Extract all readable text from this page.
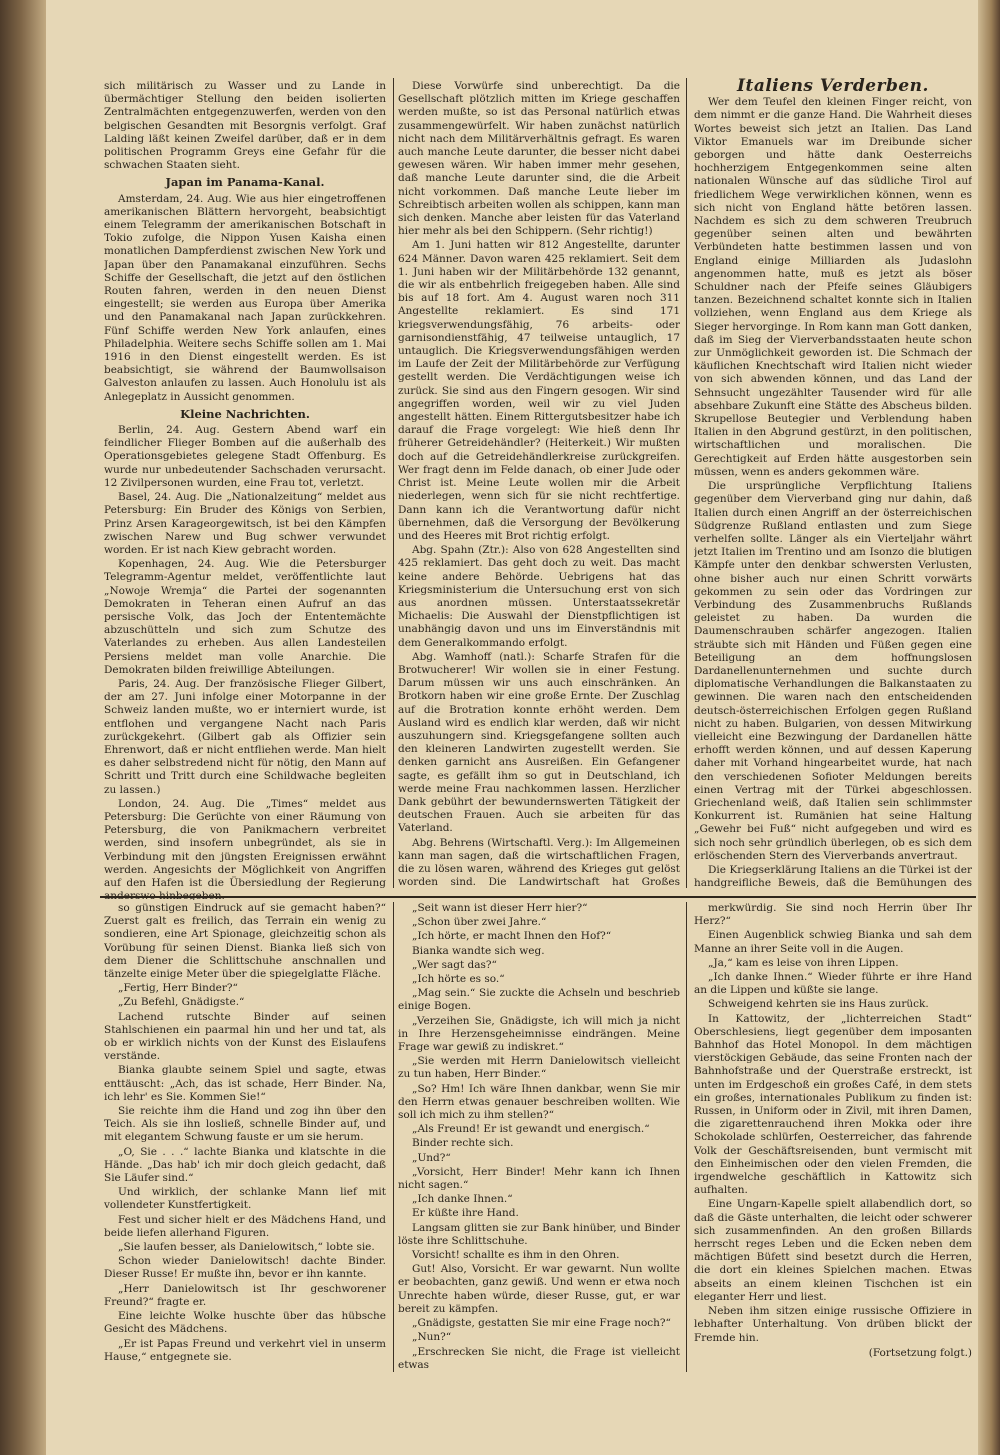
sich militärisch zu Wasser und zu Lande in übermächtiger Stellung den beiden isolierten Zentralmächten entgegenzuwerfen, werden von den belgischen Gesandten mit Besorgnis verfolgt. Graf Lalding läßt keinen Zweifel darüber, daß er in dem politischen Programm Greys eine Gefahr für die schwachen Staaten sieht.

Japan im Panama-Kanal.

Amsterdam, 24. Aug. Wie aus hier eingetroffenen amerikanischen Blättern hervorgeht, beabsichtigt einem Telegramm der amerikanischen Botschaft in Tokio zufolge, die Nippon Yusen Kaisha einen monatlichen Dampferdienst zwischen New York und Japan über den Panamakanal einzuführen. Sechs Schiffe der Gesellschaft, die jetzt auf den östlichen Routen fahren, werden in den neuen Dienst eingestellt; sie werden aus Europa über Amerika und den Panamakanal nach Japan zurückkehren. Fünf Schiffe werden New York anlaufen, eines Philadelphia. Weitere sechs Schiffe sollen am 1. Mai 1916 in den Dienst eingestellt werden. Es ist beabsichtigt, sie während der Baumwollsaison Galveston anlaufen zu lassen. Auch Honolulu ist als Anlegeplatz in Aussicht genommen.

Kleine Nachrichten.

Berlin, 24. Aug. Gestern Abend warf ein feindlicher Flieger Bomben auf die außerhalb des Operationsgebietes gelegene Stadt Offenburg. Es wurde nur unbedeutender Sachschaden verursacht. 12 Zivilpersonen wurden, eine Frau tot, verletzt.

Basel, 24. Aug. Die „Nationalzeitung“ meldet aus Petersburg: Ein Bruder des Königs von Serbien, Prinz Arsen Karageorgewitsch, ist bei den Kämpfen zwischen Narew und Bug schwer verwundet worden. Er ist nach Kiew gebracht worden.

Kopenhagen, 24. Aug. Wie die Petersburger Telegramm-Agentur meldet, veröffentlichte laut „Nowoje Wremja“ die Partei der sogenannten Demokraten in Teheran einen Aufruf an das persische Volk, das Joch der Ententemächte abzuschütteln und sich zum Schutze des Vaterlandes zu erheben. Aus allen Landesteilen Persiens meldet man volle Anarchie. Die Demokraten bilden freiwillige Abteilungen.

Paris, 24. Aug. Der französische Flieger Gilbert, der am 27. Juni infolge einer Motorpanne in der Schweiz landen mußte, wo er interniert wurde, ist entflohen und vergangene Nacht nach Paris zurückgekehrt. (Gilbert gab als Offizier sein Ehrenwort, daß er nicht entfliehen werde. Man hielt es daher selbstredend nicht für nötig, den Mann auf Schritt und Tritt durch eine Schildwache begleiten zu lassen.)

London, 24. Aug. Die „Times“ meldet aus Petersburg: Die Gerüchte von einer Räumung von Petersburg, die von Panikmachern verbreitet werden, sind insofern unbegründet, als sie in Verbindung mit den jüngsten Ereignissen erwähnt werden. Angesichts der Möglichkeit von Angriffen auf den Hafen ist die Übersiedlung der Regierung

Diese Vorwürfe sind unberechtigt. Da die Gesellschaft plötzlich mitten im Kriege geschaffen werden mußte, so ist das Personal natürlich etwas zusammengewürfelt. Wir haben zunächst natürlich nicht nach dem Militärverhältnis gefragt. Es waren auch manche Leute darunter, die besser nicht dabei gewesen wären. Wir haben immer mehr gesehen, daß manche Leute darunter sind, die die Arbeit nicht vorkommen. Daß manche Leute lieber im Schreibtisch arbeiten wollen als schippen, kann man sich denken. Manche aber leisten für das Vaterland hier mehr als bei den Schippern. (Sehr richtig!)

Am 1. Juni hatten wir 812 Angestellte, darunter 624 Männer. Davon waren 425 reklamiert. Seit dem 1. Juni haben wir der Militärbehörde 132 genannt, die wir als entbehrlich freigegeben haben. Alle sind bis auf 18 fort. Am 4. August waren noch 311 Angestellte reklamiert. Es sind 171 kriegsverwendungsfähig, 76 arbeits- oder garnisondienstfähig, 47 teilweise untauglich, 17 untauglich. Die Kriegsverwendungsfähigen werden im Laufe der Zeit der Militärbehörde zur Verfügung gestellt werden. Die Verdächtigungen weise ich zurück. Sie sind aus den Fingern gesogen. Wir sind angegriffen worden, weil wir zu viel Juden angestellt hätten. Einem Rittergutsbesitzer habe ich darauf die Frage vorgelegt: Wie hieß denn Ihr früherer Getreidehändler? (Heiterkeit.) Wir mußten doch auf die Getreidehändlerkreise zurückgreifen. Wer fragt denn im Felde danach, ob einer Jude oder Christ ist. Meine Leute wollen mir die Arbeit niederlegen, wenn sich für sie nicht rechtfertige. Dann kann ich die Verantwortung dafür nicht übernehmen, daß die Versorgung der Bevölkerung und des Heeres mit Brot richtig erfolgt.

Abg. Spahn (Ztr.): Also von 628 Angestellten sind 425 reklamiert. Das geht doch zu weit. Das macht keine andere Behörde. Uebrigens hat das Kriegsministerium die Untersuchung erst von sich aus anordnen müssen. Unterstaatssekretär Michaelis: Die Auswahl der Dienstpflichtigen ist unabhängig davon und uns im Einverständnis mit dem Generalkommando erfolgt.

Abg. Wamhoff (natl.): Scharfe Strafen für die Brotwucherer! Wir wollen sie in einer Festung. Darum müssen wir uns auch einschränken. An Brotkorn haben wir eine große Ernte. Der Zuschlag auf die Brotration konnte erhöht werden. Dem Ausland wird es endlich klar werden, daß wir nicht auszuhungern sind. Kriegsgefangene sollten auch den kleineren Landwirten zugestellt werden. Sie denken garnicht ans Ausreißen. Ein Gefangener sagte, es gefällt ihm so gut in Deutschland, ich werde meine Frau nachkommen lassen. Herzlicher Dank gebührt der bewundernswerten Tätigkeit der deutschen Frauen. Auch sie arbeiten für das Vaterland.

Abg. Behrens (Wirtschaftl. Verg.): Im Allgemeinen kann man sagen, daß die wirtschaftlichen Fragen, die zu lösen waren, während des Krieges gut gelöst worden sind. Die Landwirtschaft hat Großes

Italiens Verderben.

Wer dem Teufel den kleinen Finger reicht, von dem nimmt er die ganze Hand. Die Wahrheit dieses Wortes beweist sich jetzt an Italien. Das Land Viktor Emanuels war im Dreibunde sicher geborgen und hätte dank Oesterreichs hochherzigem Entgegenkommen seine alten nationalen Wünsche auf das südliche Tirol auf friedlichem Wege verwirklichen können, wenn es sich nicht von England hätte betören lassen. Nachdem es sich zu dem schweren Treubruch gegenüber seinen alten und bewährten Verbündeten hatte bestimmen lassen und von England einige Milliarden als Judaslohn angenommen hatte, muß es jetzt als böser Schuldner nach der Pfeife seines Gläubigers tanzen. Bezeichnend schaltet konnte sich in Italien vollziehen, wenn England aus dem Kriege als Sieger hervorginge. In Rom kann man Gott danken, daß im Sieg der Vierverbandsstaaten heute schon zur Unmöglichkeit geworden ist. Die Schmach der käuflichen Knechtschaft wird Italien nicht wieder von sich abwenden können, und das Land der Sehnsucht ungezählter Tausender wird für alle absehbare Zukunft eine Stätte des Abscheus bilden. Skrupellose Beutegier und Verblendung haben Italien in den Abgrund gestürzt, in den politischen, wirtschaftlichen und moralischen. Die Gerechtigkeit auf Erden hätte ausgestorben sein müssen, wenn es anders gekommen wäre.

Die ursprüngliche Verpflichtung Italiens gegenüber dem Vierverband ging nur dahin, daß Italien durch einen Angriff an der österreichischen Südgrenze Rußland entlasten und zum Siege verhelfen sollte. Länger als ein Vierteljahr währt jetzt Italien im Trentino und am Isonzo die blutigen Kämpfe unter den denkbar schwersten Verlusten, ohne bisher auch nur einen Schritt vorwärts gekommen zu sein oder das Vordringen zur Verbindung des Zusammenbruchs Rußlands geleistet zu haben. Da wurden die Daumenschrauben schärfer angezogen. Italien sträubte sich mit Händen und Füßen gegen eine Beteiligung an dem hoffnungslosen Dardanellenunternehmen und suchte durch diplomatische Verhandlungen die Balkanstaaten zu gewinnen. Die waren nach den entscheidenden deutsch-österreichischen Erfolgen gegen Rußland nicht zu haben. Bulgarien, von dessen Mitwirkung vielleicht eine Bezwingung der Dardanellen hätte erhofft werden können, und auf dessen Kaperung daher mit Vorhand hingearbeitet wurde, hat nach den verschiedenen Sofioter Meldungen bereits einen Vertrag mit der Türkei abgeschlossen. Griechenland weiß, daß Italien sein schlimmster Konkurrent ist. Rumänien hat seine Haltung „Gewehr bei Fuß“ nicht aufgegeben und wird es sich noch sehr gründlich überlegen, ob es sich dem erlöschenden Stern des Vierverbands anvertraut.

Die Kriegserklärung Italiens an die Türkei ist der handgreifliche Beweis, daß die Bemühungen des

so günstigen Eindruck auf sie gemacht haben?“ Zuerst galt es freilich, das Terrain ein wenig zu sondieren, eine Art Spionage, gleichzeitig schon als Vorübung für seinen Dienst. Bianka ließ sich von dem Diener die Schlittschuhe anschnallen und tänzelte einige Meter über die spiegelglatte Fläche.

„Fertig, Herr Binder?“

„Zu Befehl, Gnädigste.“

Lachend rutschte Binder auf seinen Stahlschienen ein paarmal hin und her und tat, als ob er wirklich nichts von der Kunst des Eislaufens verstände.

Bianka glaubte seinem Spiel und sagte, etwas enttäuscht: „Ach, das ist schade, Herr Binder. Na, ich lehr' es Sie. Kommen Sie!“

Sie reichte ihm die Hand und zog ihn über den Teich. Als sie ihn losließ, schnelle Binder auf, und mit elegantem Schwung fauste er um sie herum.

„O, Sie . . .“ lachte Bianka und klatschte in die Hände. „Das hab' ich mir doch gleich gedacht, daß Sie Läufer sind.“

Und wirklich, der schlanke Mann lief mit vollendeter Kunstfertigkeit.

Fest und sicher hielt er des Mädchens Hand, und beide liefen allerhand Figuren.

„Sie laufen besser, als Danielowitsch,“ lobte sie.

Schon wieder Danielowitsch! dachte Binder. Dieser Russe! Er mußte ihn, bevor er ihn kannte.

„Herr Danielowitsch ist Ihr geschworener Freund?“ fragte er.

Eine leichte Wolke huschte über das hübsche Gesicht des Mädchens.

„Er ist Papas Freund und verkehrt viel in unserm Hause,“ entgegnete sie.

„Seit wann ist dieser Herr hier?“

„Schon über zwei Jahre.“

„Ich hörte, er macht Ihnen den Hof?“

Bianka wandte sich weg.

„Wer sagt das?“

„Ich hörte es so.“

„Mag sein.“ Sie zuckte die Achseln und beschrieb einige Bogen.

„Verzeihen Sie, Gnädigste, ich will mich ja nicht in Ihre Herzensgeheimnisse eindrängen. Meine Frage war gewiß zu indiskret.“

„Sie werden mit Herrn Danielowitsch vielleicht zu tun haben, Herr Binder.“

„So? Hm! Ich wäre Ihnen dankbar, wenn Sie mir den Herrn etwas genauer beschreiben wollten. Wie soll ich mich zu ihm stellen?“

„Als Freund! Er ist gewandt und energisch.“

Binder rechte sich.

„Und?“

„Vorsicht, Herr Binder! Mehr kann ich Ihnen nicht sagen.“

„Ich danke Ihnen.“

Er küßte ihre Hand.

Langsam glitten sie zur Bank hinüber, und Binder löste ihre Schlittschuhe.

Vorsicht! schallte es ihm in den Ohren.

Gut! Also, Vorsicht. Er war gewarnt. Nun wollte er beobachten, ganz gewiß. Und wenn er etwa noch Unrechte haben würde, dieser Russe, gut, er war bereit zu kämpfen.

„Gnädigste, gestatten Sie mir eine Frage noch?“

„Nun?“

„Erschrecken Sie nicht, die Frage ist vielleicht etwas

merkwürdig. Sie sind noch Herrin über Ihr Herz?“

Einen Augenblick schwieg Bianka und sah dem Manne an ihrer Seite voll in die Augen.

„Ja,“ kam es leise von ihren Lippen.

„Ich danke Ihnen.“ Wieder führte er ihre Hand an die Lippen und küßte sie lange.

Schweigend kehrten sie ins Haus zurück.

In Kattowitz, der „lichterreichen Stadt“ Oberschlesiens, liegt gegenüber dem imposanten Bahnhof das Hotel Monopol. In dem mächtigen vierstöckigen Gebäude, das seine Fronten nach der Bahnhofstraße und der Querstraße erstreckt, ist unten im Erdgeschoß ein großes Café, in dem stets ein großes, internationales Publikum zu finden ist: Russen, in Uniform oder in Zivil, mit ihren Damen, die zigarettenrauchend ihren Mokka oder ihre Schokolade schlürfen, Oesterreicher, das fahrende Volk der Geschäftsreisenden, bunt vermischt mit den Einheimischen oder den vielen Fremden, die irgendwelche geschäftlich in Kattowitz sich aufhalten.

Eine Ungarn-Kapelle spielt allabendlich dort, so daß die Gäste unterhalten, die leicht oder schwerer sich zusammenfinden. An den großen Billards herrscht reges Leben und die Ecken neben dem mächtigen Büfett sind besetzt durch die Herren, die dort ein kleines Spielchen machen. Etwas abseits an einem kleinen Tischchen ist ein eleganter Herr und liest.

Neben ihm sitzen einige russische Offiziere in lebhafter Unterhaltung. Von drüben blickt der Fremde hin.

(Fortsetzung folgt.)
